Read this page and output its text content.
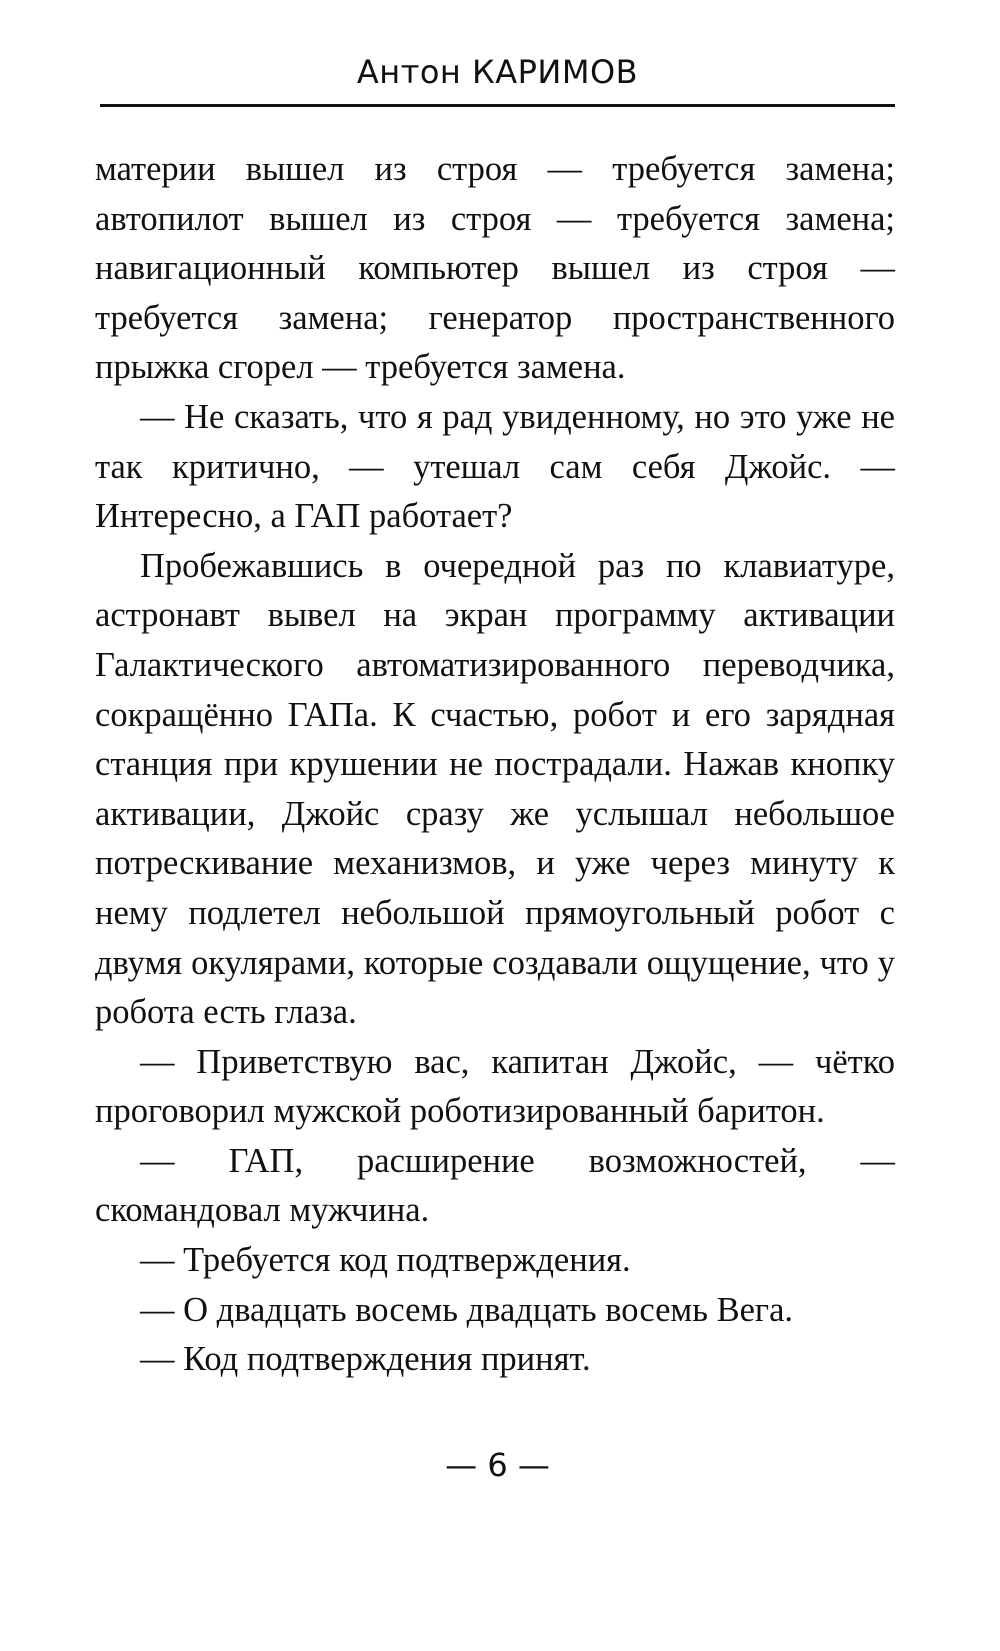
Антон КАРИМОВ

материи вышел из строя — требуется замена; автопилот вышел из строя — требуется замена; навигационный компьютер вышел из строя — требуется замена; генератор пространственного прыжка сгорел — требуется замена.

— Не сказать, что я рад увиденному, но это уже не так критично, — утешал сам себя Джойс. — Интересно, а ГАП работает?

Пробежавшись в очередной раз по клавиатуре, астронавт вывел на экран программу активации Галактического автоматизированного переводчика, сокращённо ГАПа. К счастью, робот и его зарядная станция при крушении не пострадали. Нажав кнопку активации, Джойс сразу же услышал небольшое потрескивание механизмов, и уже через минуту к нему подлетел небольшой прямоугольный робот с двумя окулярами, которые создавали ощущение, что у робота есть глаза.

— Приветствую вас, капитан Джойс, — чётко проговорил мужской роботизированный баритон.

— ГАП, расширение возможностей, — скомандовал мужчина.

— Требуется код подтверждения.

— О двадцать восемь двадцать восемь Вега.

— Код подтверждения принят.

— 6 —
